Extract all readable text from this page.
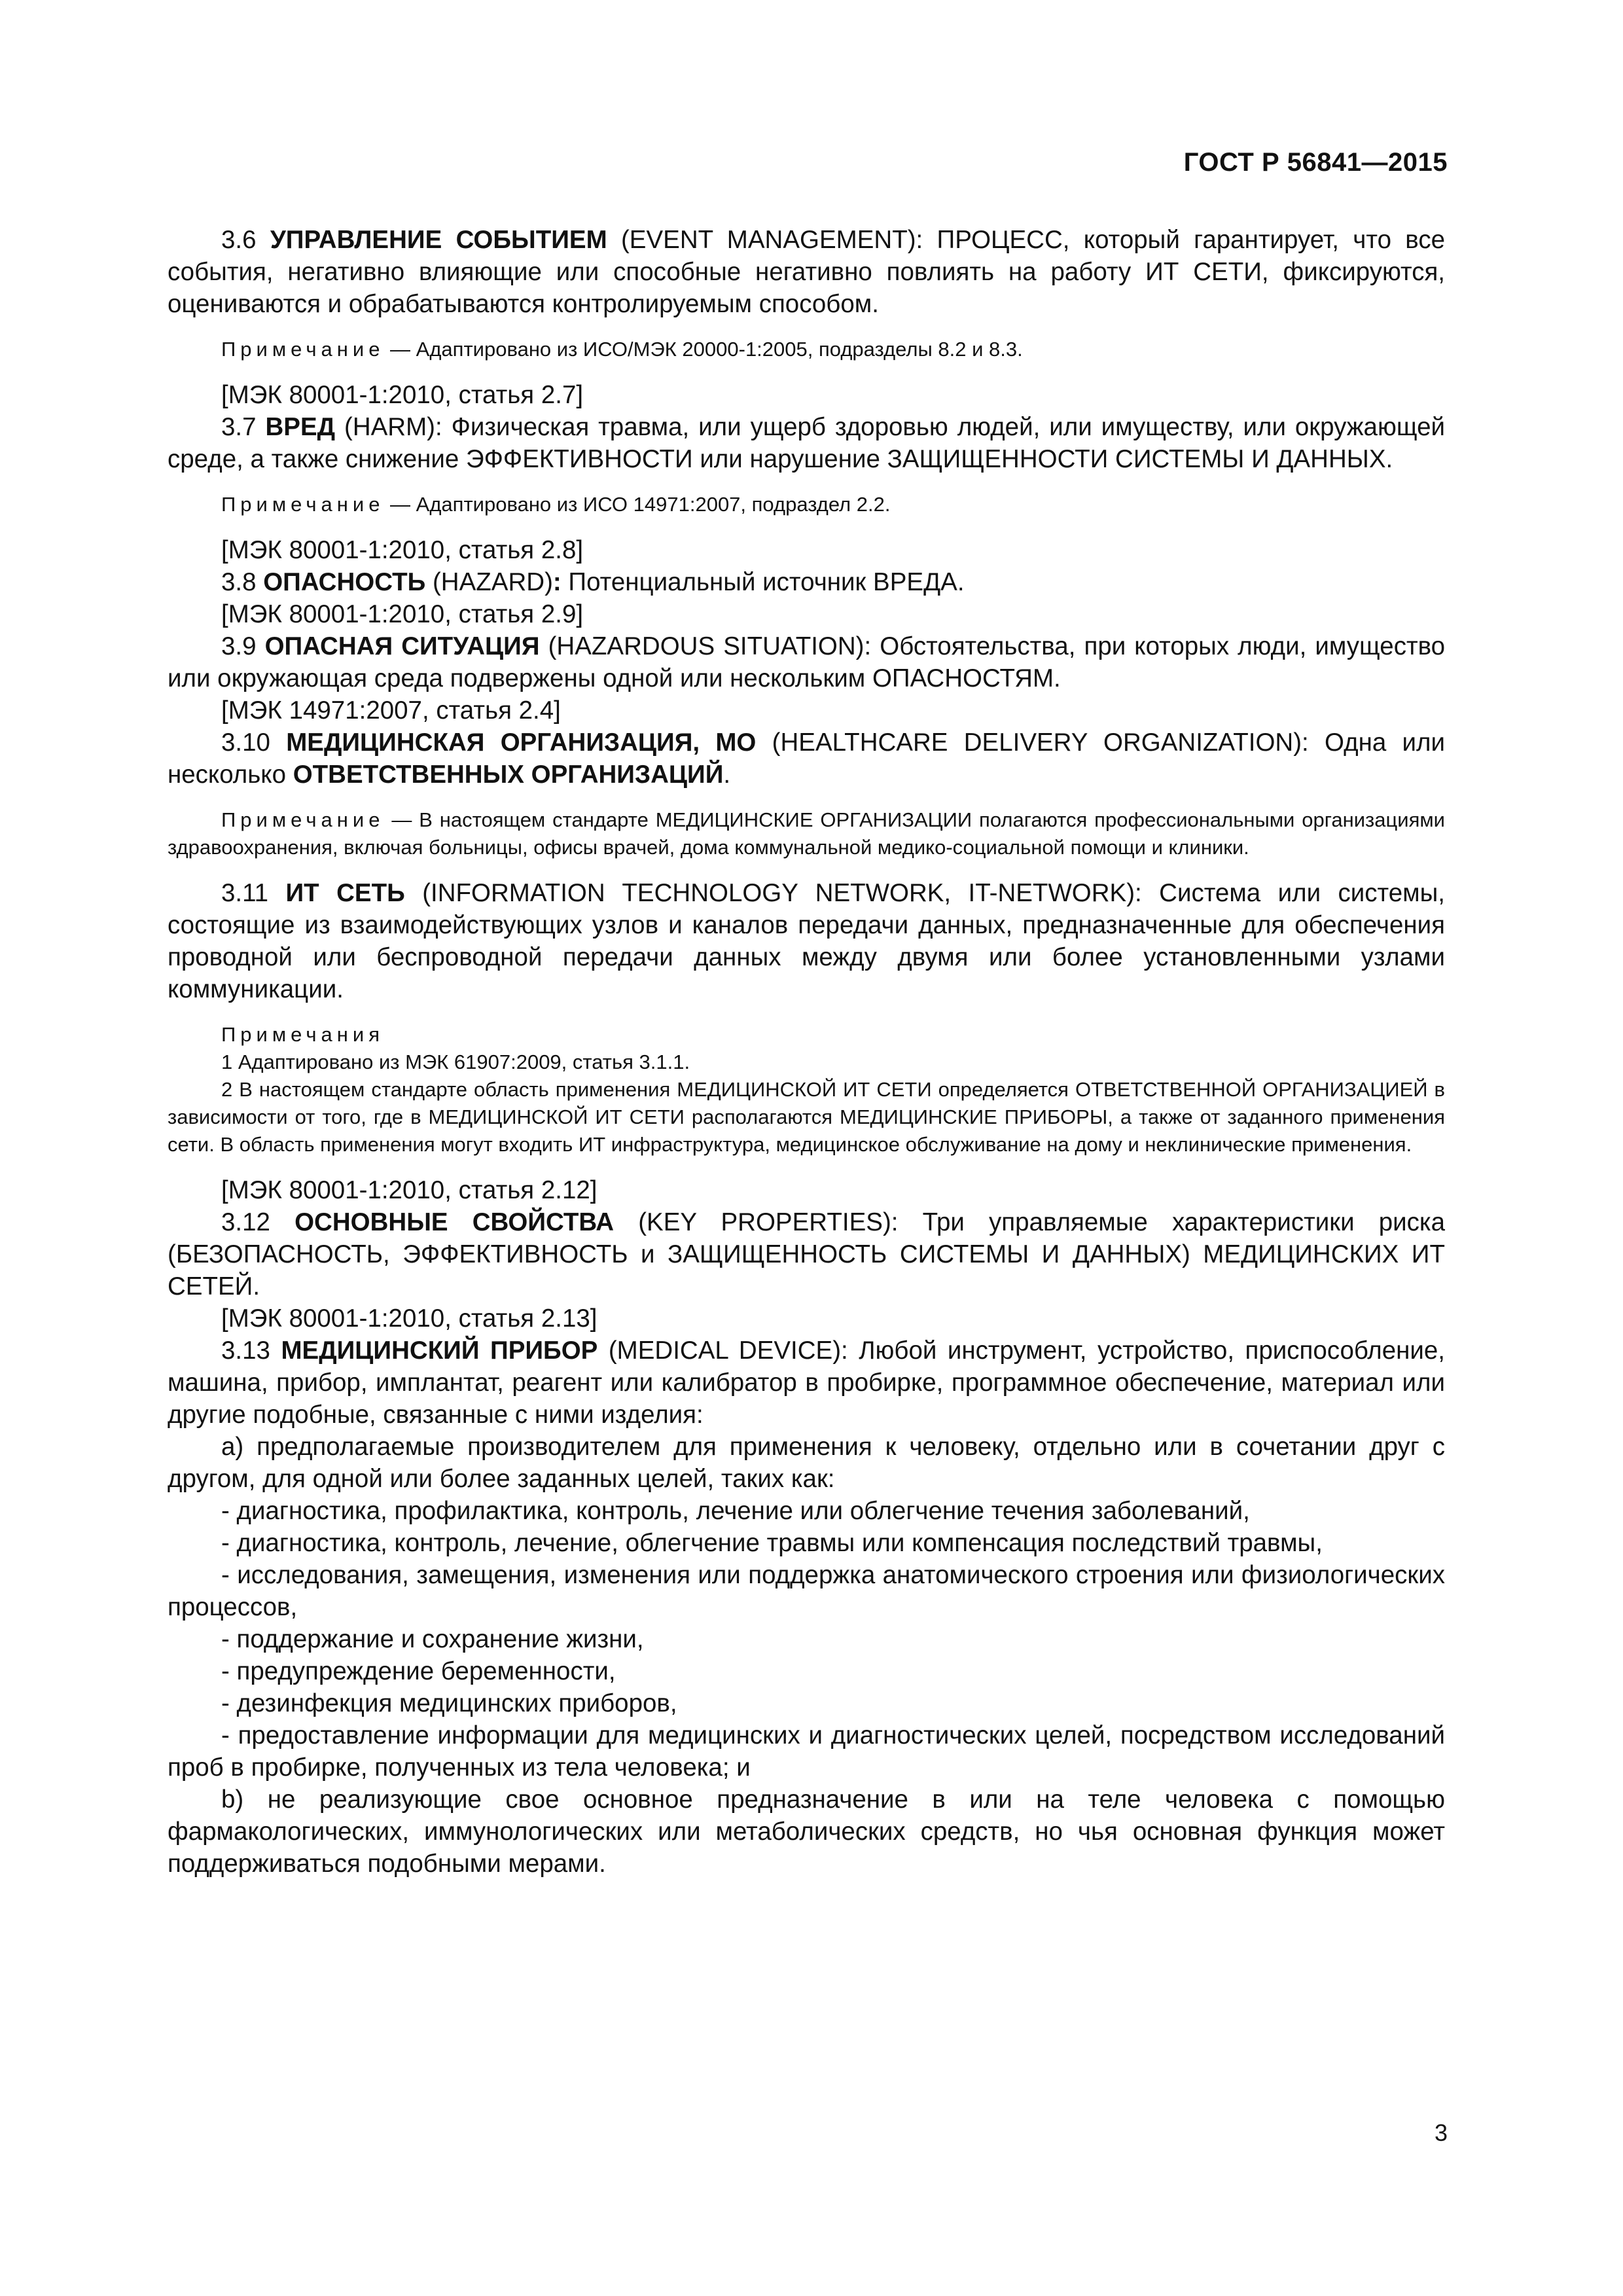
ГОСТ Р 56841—2015

3.6 УПРАВЛЕНИЕ СОБЫТИЕМ (EVENT MANAGEMENT): ПРОЦЕСС, который гарантирует, что все события, негативно влияющие или способные негативно повлиять на работу ИТ СЕТИ, фиксируются, оцениваются и обрабатываются контролируемым способом.

Примечание — Адаптировано из ИСО/МЭК 20000-1:2005, подразделы 8.2 и 8.3.

[МЭК 80001-1:2010, статья 2.7]

3.7 ВРЕД (HARM): Физическая травма, или ущерб здоровью людей, или имуществу, или окружающей среде, а также снижение ЭФФЕКТИВНОСТИ или нарушение ЗАЩИЩЕННОСТИ СИСТЕМЫ И ДАННЫХ.

Примечание — Адаптировано из ИСО 14971:2007, подраздел 2.2.

[МЭК 80001-1:2010, статья 2.8]

3.8 ОПАСНОСТЬ (HAZARD): Потенциальный источник ВРЕДА.

[МЭК 80001-1:2010, статья 2.9]

3.9 ОПАСНАЯ СИТУАЦИЯ (HAZARDOUS SITUATION): Обстоятельства, при которых люди, имущество или окружающая среда подвержены одной или нескольким ОПАСНОСТЯМ.

[МЭК 14971:2007, статья 2.4]

3.10 МЕДИЦИНСКАЯ ОРГАНИЗАЦИЯ, МО (HEALTHCARE DELIVERY ORGANIZATION): Одна или несколько ОТВЕТСТВЕННЫХ ОРГАНИЗАЦИЙ.

Примечание — В настоящем стандарте МЕДИЦИНСКИЕ ОРГАНИЗАЦИИ полагаются профессиональными организациями здравоохранения, включая больницы, офисы врачей, дома коммунальной медико-социальной помощи и клиники.

3.11 ИТ СЕТЬ (INFORMATION TECHNOLOGY NETWORK, IT-NETWORK): Система или системы, состоящие из взаимодействующих узлов и каналов передачи данных, предназначенные для обеспечения проводной или беспроводной передачи данных между двумя или более установленными узлами коммуникации.

Примечания

1 Адаптировано из МЭК 61907:2009, статья 3.1.1.

2 В настоящем стандарте область применения МЕДИЦИНСКОЙ ИТ СЕТИ определяется ОТВЕТСТВЕННОЙ ОРГАНИЗАЦИЕЙ в зависимости от того, где в МЕДИЦИНСКОЙ ИТ СЕТИ располагаются МЕДИЦИНСКИЕ ПРИБОРЫ, а также от заданного применения сети. В область применения могут входить ИТ инфраструктура, медицинское обслуживание на дому и неклинические применения.

[МЭК 80001-1:2010, статья 2.12]

3.12 ОСНОВНЫЕ СВОЙСТВА (KEY PROPERTIES): Три управляемые характеристики риска (БЕЗОПАСНОСТЬ, ЭФФЕКТИВНОСТЬ и ЗАЩИЩЕННОСТЬ СИСТЕМЫ И ДАННЫХ) МЕДИЦИНСКИХ ИТ СЕТЕЙ.

[МЭК 80001-1:2010, статья 2.13]

3.13 МЕДИЦИНСКИЙ ПРИБОР (MEDICAL DEVICE): Любой инструмент, устройство, приспособление, машина, прибор, имплантат, реагент или калибратор в пробирке, программное обеспечение, материал или другие подобные, связанные с ними изделия:

a) предполагаемые производителем для применения к человеку, отдельно или в сочетании друг с другом, для одной или более заданных целей, таких как:

- диагностика, профилактика, контроль, лечение или облегчение течения заболеваний,

- диагностика, контроль, лечение, облегчение травмы или компенсация последствий травмы,

- исследования, замещения, изменения или поддержка анатомического строения или физиологических процессов,

- поддержание и сохранение жизни,

- предупреждение беременности,

- дезинфекция медицинских приборов,

- предоставление информации для медицинских и диагностических целей, посредством исследований проб в пробирке, полученных из тела человека; и

b) не реализующие свое основное предназначение в или на теле человека с помощью фармакологических, иммунологических или метаболических средств, но чья основная функция может поддерживаться подобными мерами.

3
